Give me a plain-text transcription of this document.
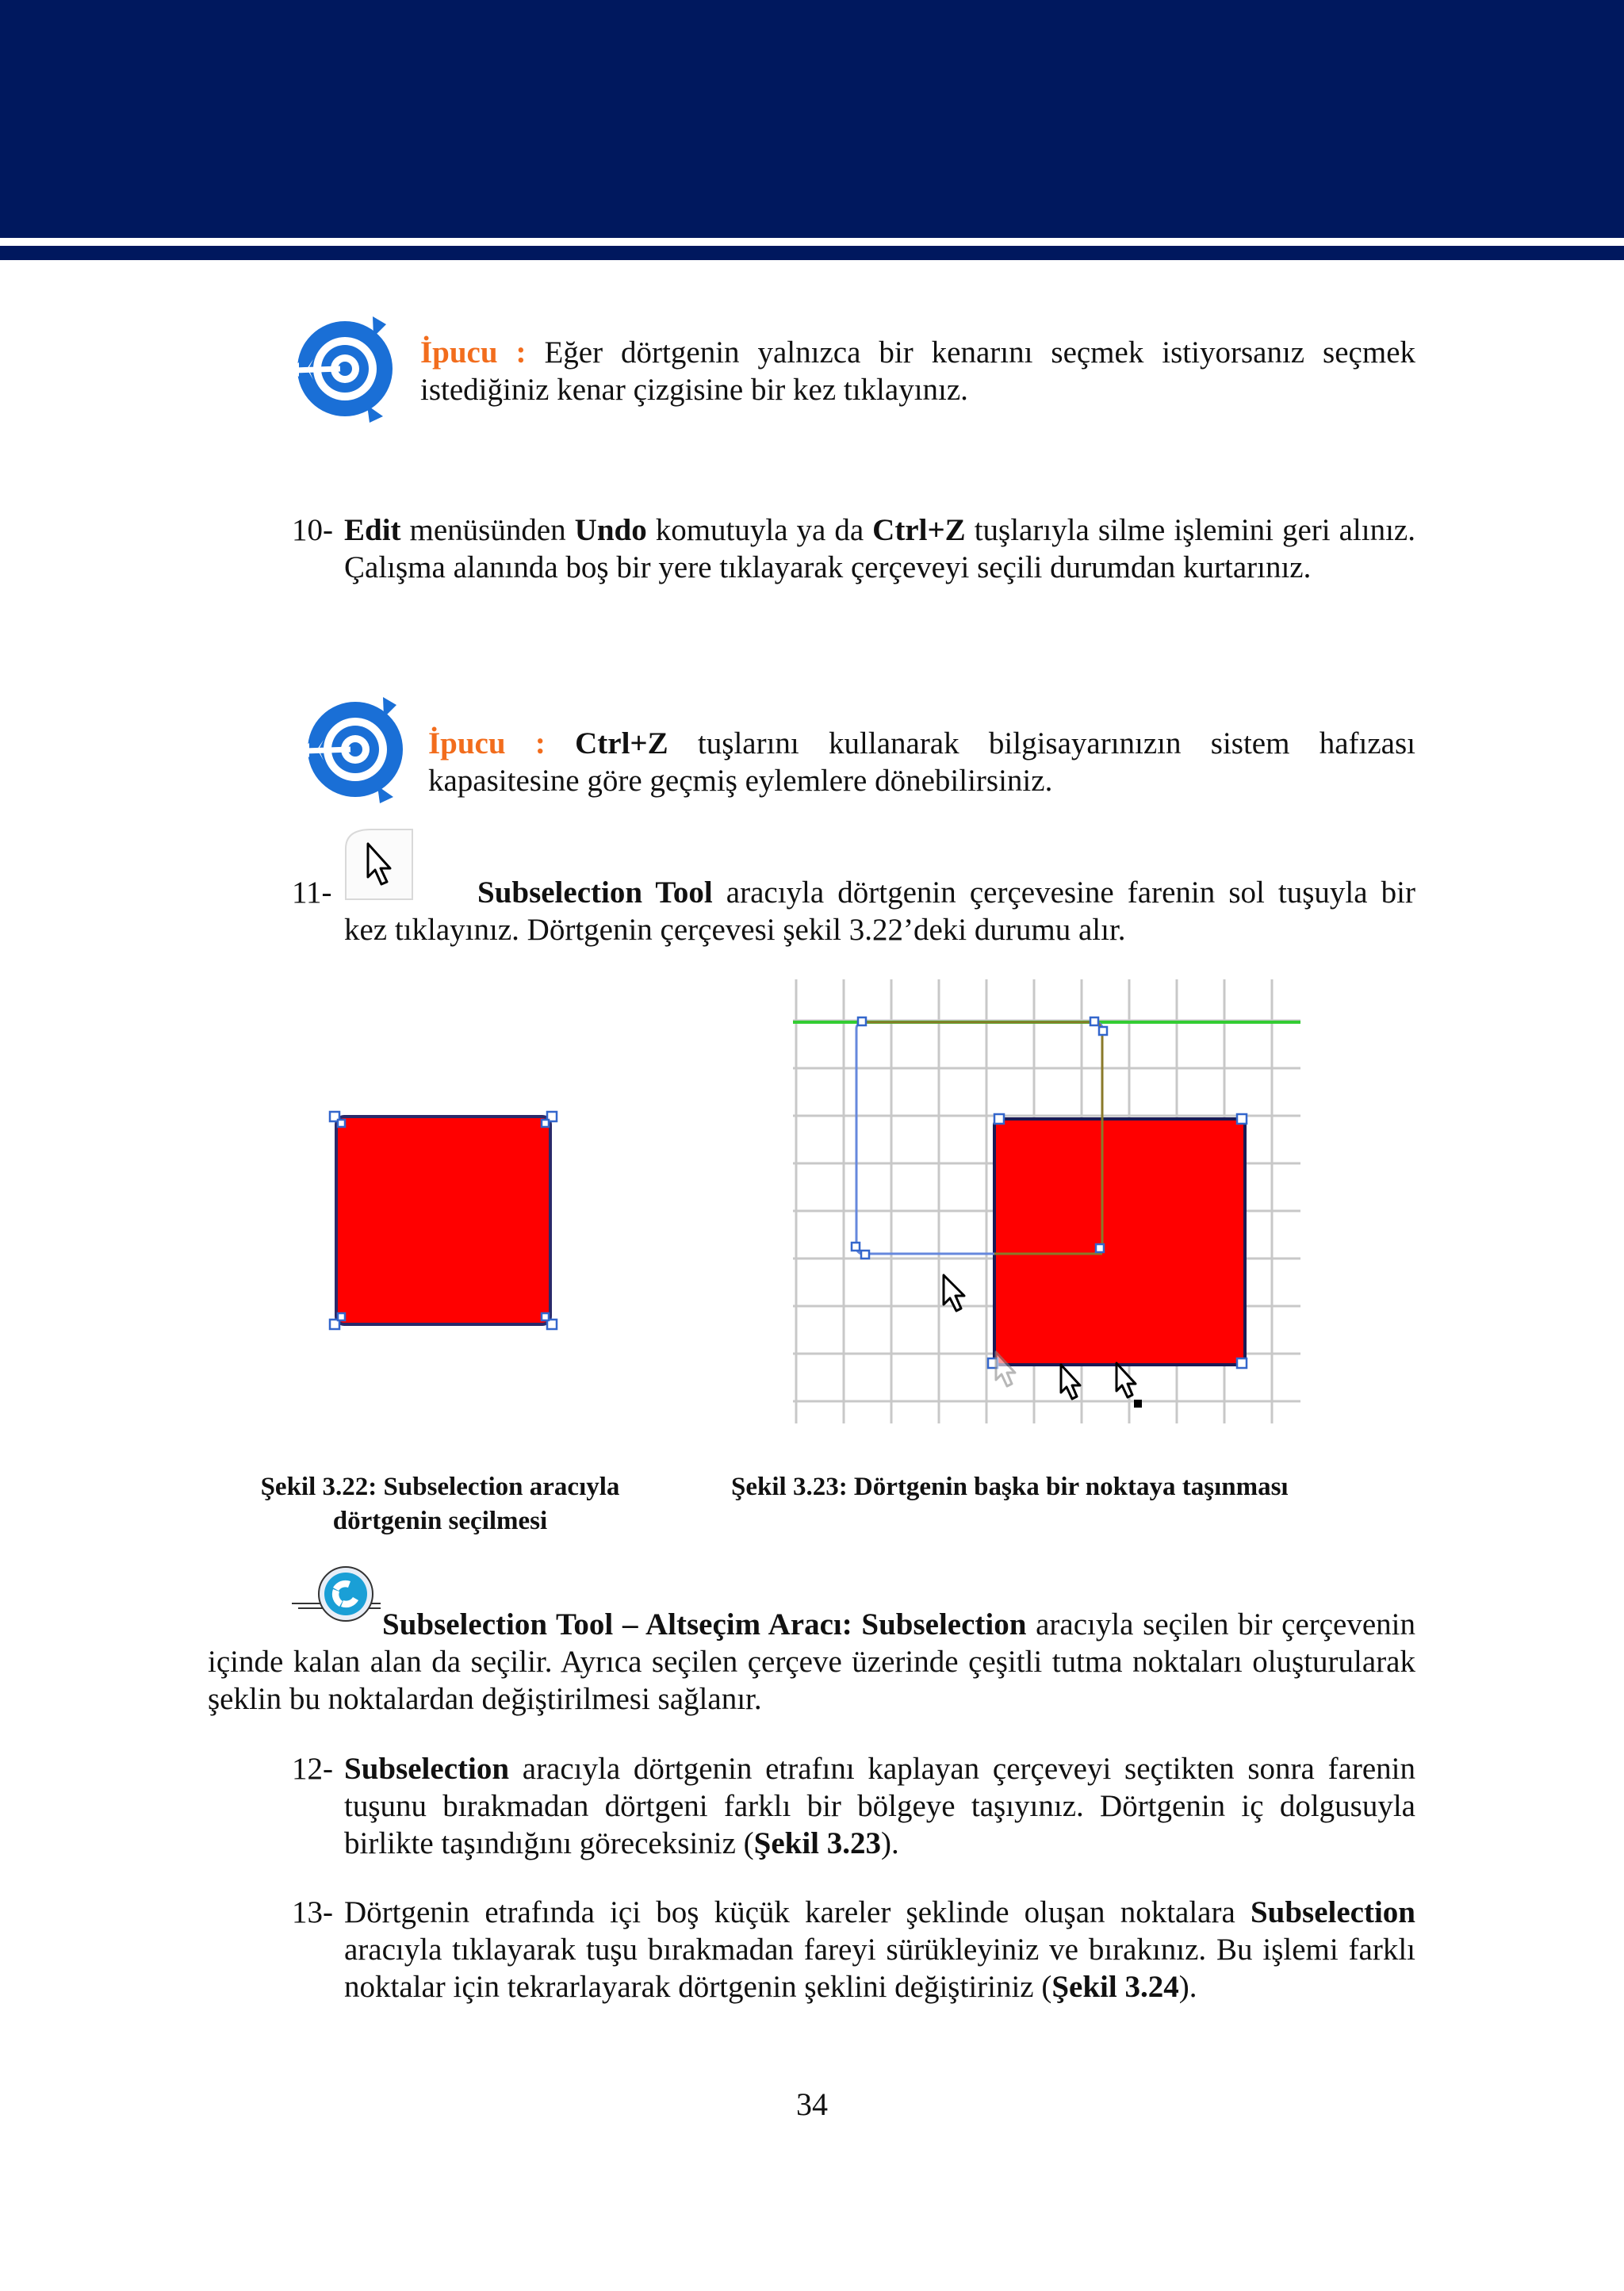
İpucu : Eğer dörtgenin yalnızca bir kenarını seçmek istiyorsanız seçmek istediğiniz kenar çizgisine bir kez tıklayınız.

10- Edit menüsünden Undo komutuyla ya da Ctrl+Z tuşlarıyla silme işlemini geri alınız. Çalışma alanında boş bir yere tıklayarak çerçeveyi seçili durumdan kurtarınız.

İpucu : Ctrl+Z tuşlarını kullanarak bilgisayarınızın sistem hafızası kapasitesine göre geçmiş eylemlere dönebilirsiniz.

11-	Subselection Tool aracıyla dörtgenin çerçevesine farenin sol tuşuyla bir kez tıklayınız. Dörtgenin çerçevesi şekil 3.22’deki durumu alır.
Şekil 3.22: Subselection aracıyla
dörtgenin seçilmesi
Şekil 3.23: Dörtgenin başka bir noktaya taşınması

Subselection Tool – Altseçim Aracı: Subselection aracıyla seçilen bir çerçevenin içinde kalan alan da seçilir. Ayrıca seçilen çerçeve üzerinde çeşitli tutma noktaları oluşturularak şeklin bu noktalardan değiştirilmesi sağlanır.

12- Subselection aracıyla dörtgenin etrafını kaplayan çerçeveyi seçtikten sonra farenin tuşunu bırakmadan dörtgeni farklı bir bölgeye taşıyınız. Dörtgenin iç dolgusuyla birlikte taşındığını göreceksiniz (Şekil 3.23).
13- Dörtgenin etrafında içi boş küçük kareler şeklinde oluşan noktalara Subselection aracıyla tıklayarak tuşu bırakmadan fareyi sürükleyiniz ve bırakınız. Bu işlemi farklı noktalar için tekrarlayarak dörtgenin şeklini değiştiriniz (Şekil 3.24).
34
